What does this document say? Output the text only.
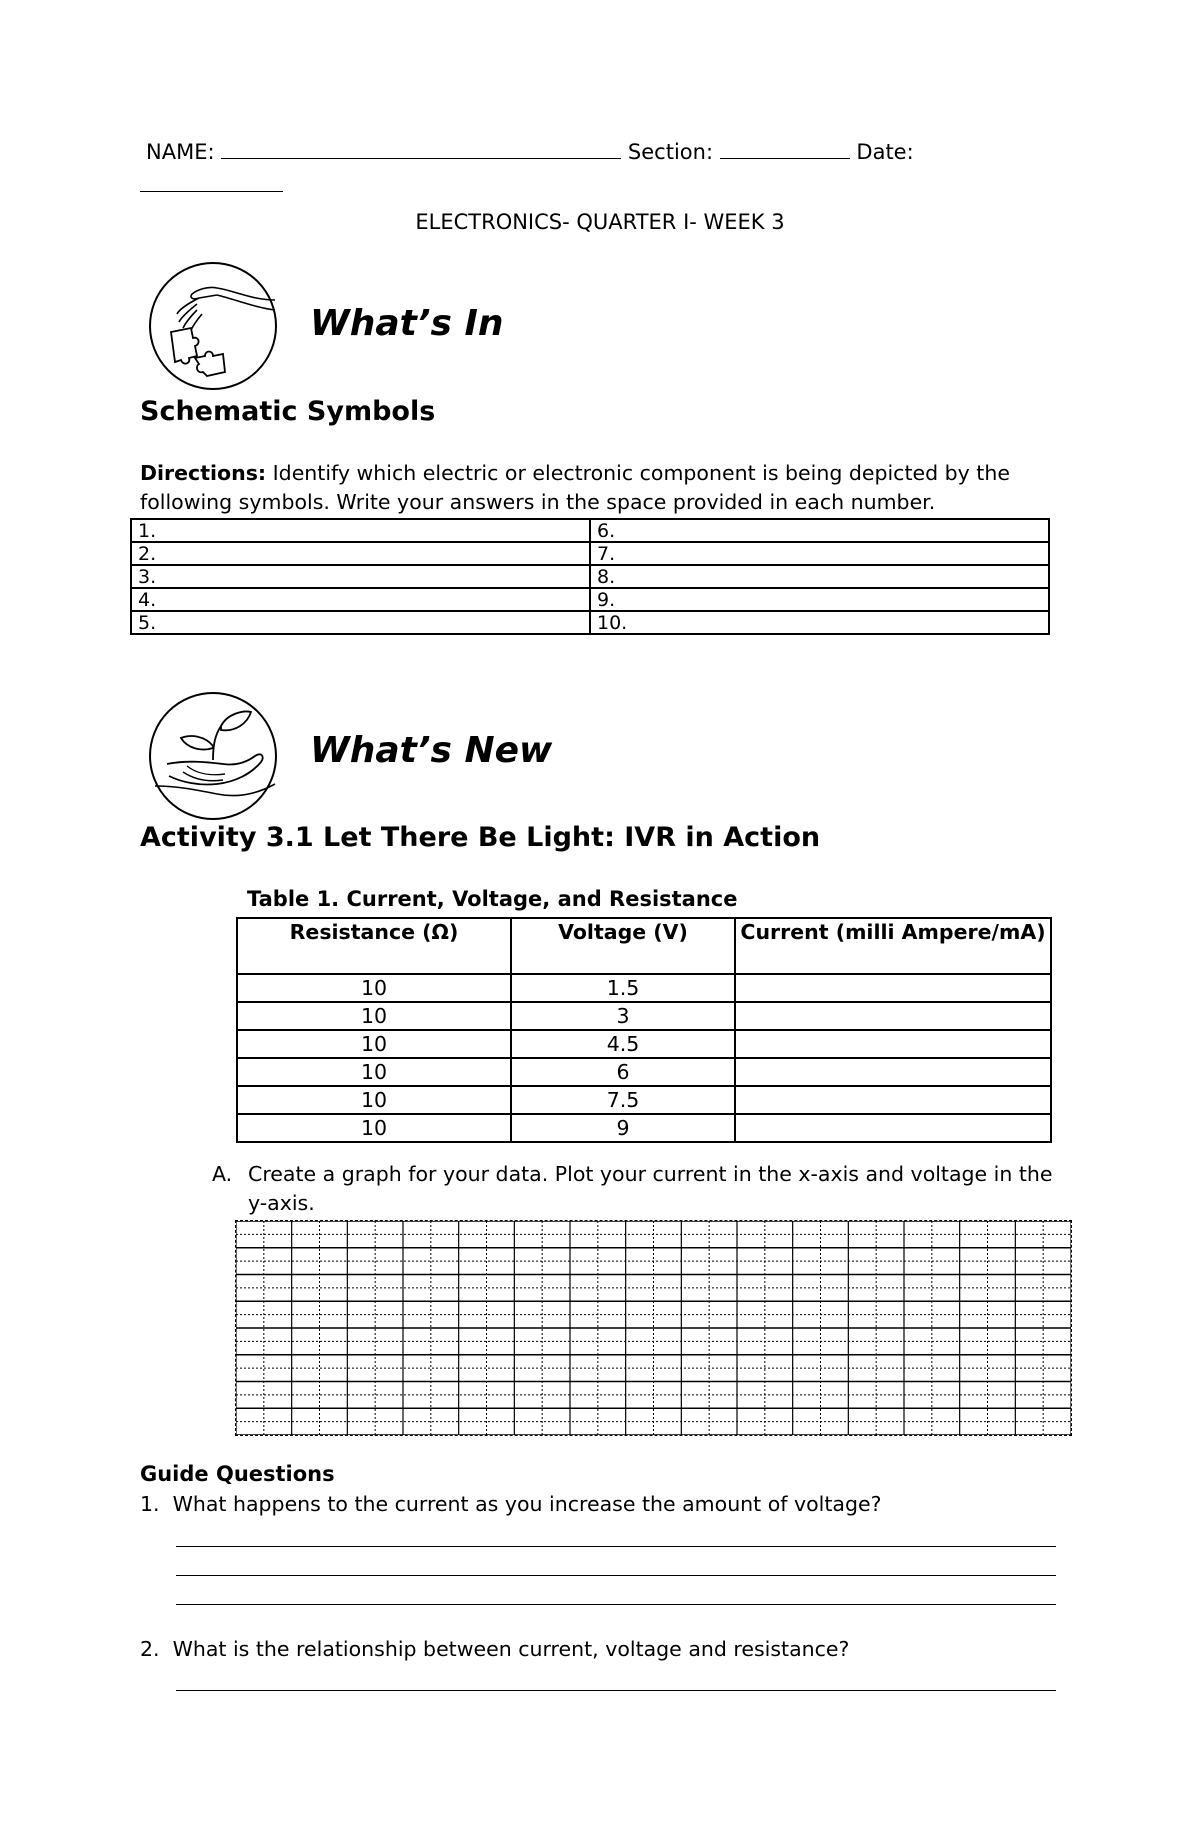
NAME:	Section:	Date:
ELECTRONICS- QUARTER I- WEEK 3
What’s In
Schematic Symbols
Directions: Identify which electric or electronic component is being depicted by the following symbols. Write your answers in the space provided in each number.
1.	6.
2.	7.
3.	8.
4.	9.
5.	10.
What’s New
Activity 3.1 Let There Be Light: IVR in Action
Table 1. Current, Voltage, and Resistance
Resistance (Ω)	Voltage (V)	Current (milli Ampere/mA)
10	1.5	
10	3	
10	4.5	
10	6	
10	7.5	
10	9	
A. Create a graph for your data. Plot your current in the x-axis and voltage in the y-axis.
Guide Questions
1. What happens to the current as you increase the amount of voltage?
2. What is the relationship between current, voltage and resistance?
